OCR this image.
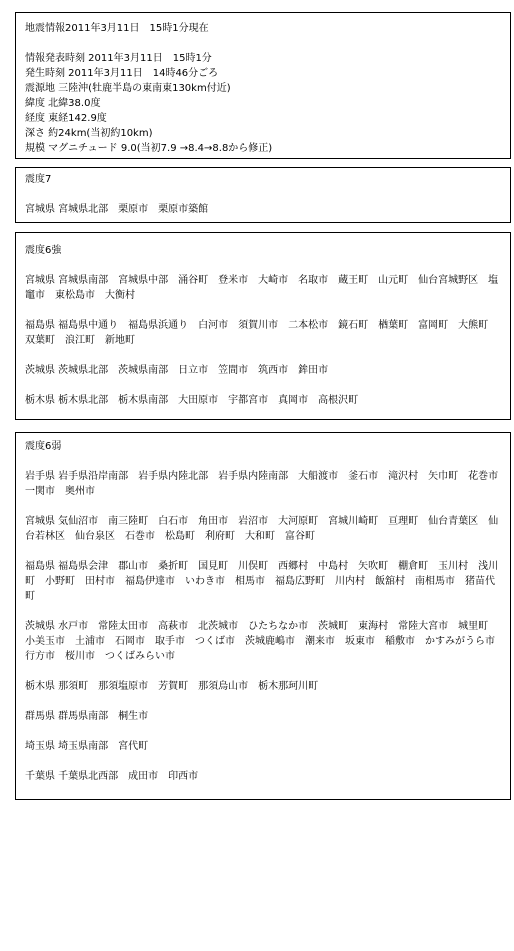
地震情報2011年3月11日　15時1分現在
情報発表時刻 2011年3月11日　15時1分
発生時刻 2011年3月11日　14時46分ごろ
震源地 三陸沖(牡鹿半島の東南東130km付近)
緯度 北緯38.0度
経度 東経142.9度
深さ 約24km(当初約10km)
規模 マグニチュード 9.0(当初7.9 →8.4→8.8から修正)
震度7
宮城県 宮城県北部　栗原市　栗原市築館
震度6強
宮城県 宮城県南部　宮城県中部　涌谷町　登米市　大崎市　名取市　蔵王町　山元町　仙台宮城野区　塩竈市　東松島市　大衡村
福島県 福島県中通り　福島県浜通り　白河市　須賀川市　二本松市　鏡石町　楢葉町　富岡町　大熊町　双葉町　浪江町　新地町
茨城県 茨城県北部　茨城県南部　日立市　笠間市　筑西市　鉾田市
栃木県 栃木県北部　栃木県南部　大田原市　宇都宮市　真岡市　高根沢町
震度6弱
岩手県 岩手県沿岸南部　岩手県内陸北部　岩手県内陸南部　大船渡市　釜石市　滝沢村　矢巾町　花巻市　一関市　奥州市
宮城県 気仙沼市　南三陸町　白石市　角田市　岩沼市　大河原町　宮城川崎町　亘理町　仙台青葉区　仙台若林区　仙台泉区　石巻市　松島町　利府町　大和町　富谷町
福島県 福島県会津　郡山市　桑折町　国見町　川俣町　西郷村　中島村　矢吹町　棚倉町　玉川村　浅川町　小野町　田村市　福島伊達市　いわき市　相馬市　福島広野町　川内村　飯舘村　南相馬市　猪苗代町
茨城県 水戸市　常陸太田市　高萩市　北茨城市　ひたちなか市　茨城町　東海村　常陸大宮市　城里町　小美玉市　土浦市　石岡市　取手市　つくば市　茨城鹿嶋市　潮来市　坂東市　稲敷市　かすみがうら市　行方市　桜川市　つくばみらい市
栃木県 那須町　那須塩原市　芳賀町　那須烏山市　栃木那珂川町
群馬県 群馬県南部　桐生市
埼玉県 埼玉県南部　宮代町
千葉県 千葉県北西部　成田市　印西市
